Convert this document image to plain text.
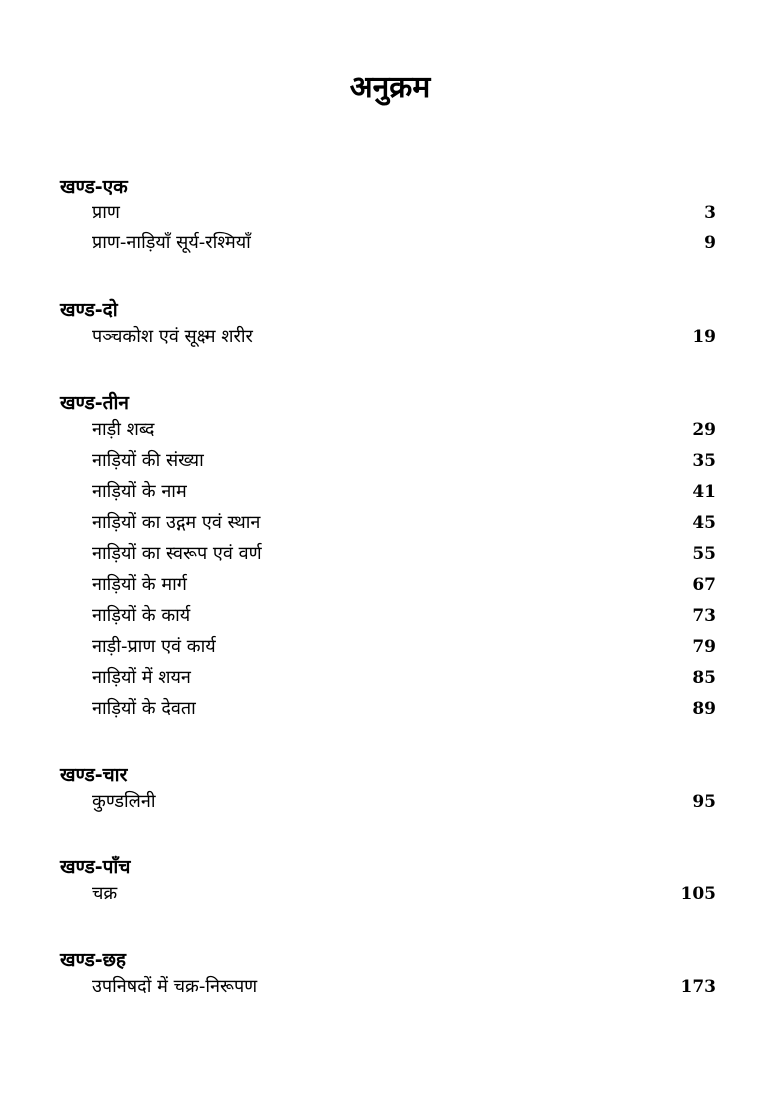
अनुक्रम
खण्ड-एक
प्राण	3
प्राण-नाड़ियाँ सूर्य-रश्मियाँ	9
खण्ड-दो
पञ्चकोश एवं सूक्ष्म शरीर	19
खण्ड-तीन
नाड़ी शब्द	29
नाड़ियों की संख्या	35
नाड़ियों के नाम	41
नाड़ियों का उद्गम एवं स्थान	45
नाड़ियों का स्वरूप एवं वर्ण	55
नाड़ियों के मार्ग	67
नाड़ियों के कार्य	73
नाड़ी-प्राण एवं कार्य	79
नाड़ियों में शयन	85
नाड़ियों के देवता	89
खण्ड-चार
कुण्डलिनी	95
खण्ड-पाँच
चक्र	105
खण्ड-छह
उपनिषदों में चक्र-निरूपण	173
